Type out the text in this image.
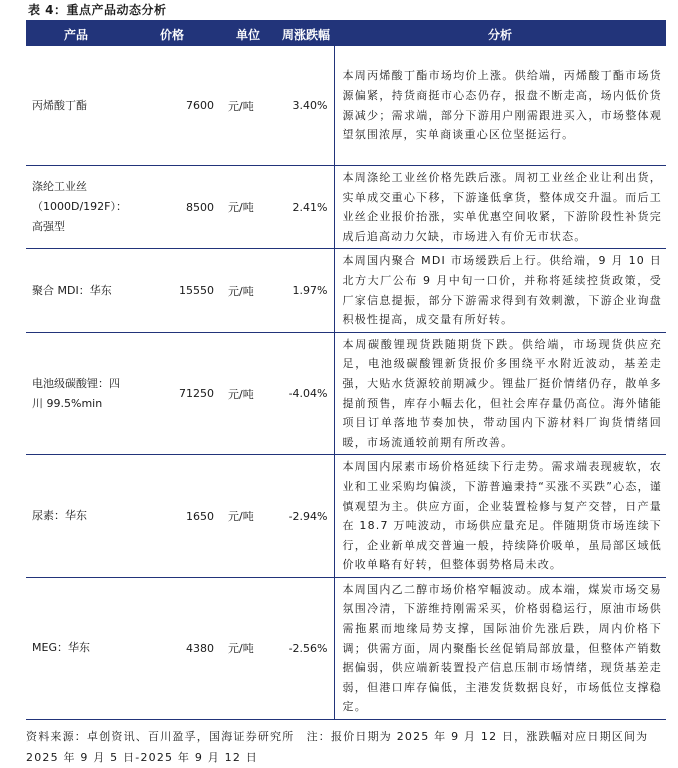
表 4：重点产品动态分析
产品	价格	单位	周涨跌幅	分析
丙烯酸丁酯	7600	元/吨	3.40%	本周丙烯酸丁酯市场均价上涨。供给端，丙烯酸丁酯市场货源偏紧，持货商挺市心态仍存，报盘不断走高，场内低价货源减少；需求端，部分下游用户刚需跟进买入，市场整体观望氛围浓厚，实单商谈重心区位坚挺运行。
涤纶工业丝（1000D/192F）：高强型	8500	元/吨	2.41%	本周涤纶工业丝价格先跌后涨。周初工业丝企业让利出货，实单成交重心下移，下游逢低拿货，整体成交升温。而后工业丝企业报价抬涨，实单优惠空间收紧，下游阶段性补货完成后追高动力欠缺，市场进入有价无市状态。
聚合 MDI：华东	15550	元/吨	1.97%	本周国内聚合 MDI 市场缓跌后上行。供给端，9 月 10 日北方大厂公布 9 月中旬一口价，并称将延续控货政策，受厂家信息提振，部分下游需求得到有效刺激，下游企业询盘积极性提高，成交量有所好转。
电池级碳酸锂：四川 99.5%min	71250	元/吨	-4.04%	本周碳酸锂现货跌随期货下跌。供给端，市场现货供应充足，电池级碳酸锂新货报价多围绕平水附近波动，基差走强，大贴水货源较前期减少。锂盐厂挺价情绪仍存，散单多提前预售，库存小幅去化，但社会库存量仍高位。海外储能项目订单落地节奏加快，带动国内下游材料厂询货情绪回暖，市场流通较前期有所改善。
尿素：华东	1650	元/吨	-2.94%	本周国内尿素市场价格延续下行走势。需求端表现疲软，农业和工业采购均偏淡，下游普遍秉持“买涨不买跌”心态，谨慎观望为主。供应方面，企业装置检修与复产交替，日产量在 18.7 万吨波动，市场供应量充足。伴随期货市场连续下行，企业新单成交普遍一般，持续降价吸单，虽局部区域低价收单略有好转，但整体弱势格局未改。
MEG：华东	4380	元/吨	-2.56%	本周国内乙二醇市场价格窄幅波动。成本端，煤炭市场交易氛围冷清，下游维持刚需采买，价格弱稳运行，原油市场供需拖累而地缘局势支撑，国际油价先涨后跌，周内价格下调；供需方面，周内聚酯长丝促销局部放量，但整体产销数据偏弱，供应端新装置投产信息压制市场情绪，现货基差走弱，但港口库存偏低，主港发货数据良好，市场低位支撑稳定。
资料来源：卓创资讯、百川盈孚，国海证券研究所　注：报价日期为 2025 年 9 月 12 日，涨跌幅对应日期区间为 2025 年 9 月 5 日-2025 年 9 月 12 日
